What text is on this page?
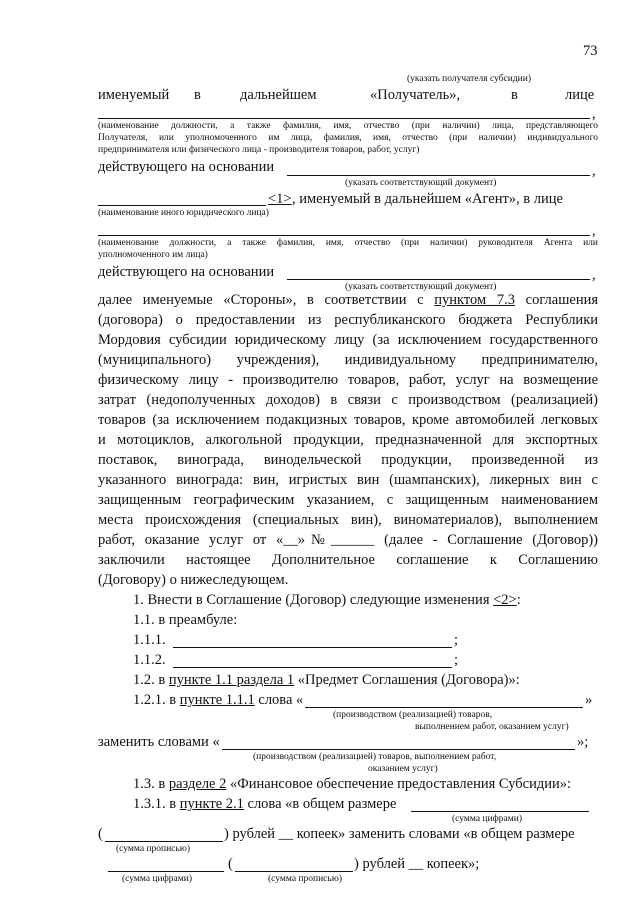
73
(указать получателя субсидии)
именуемый в	дальнейшем	«Получатель»,	в	лице
,
(наименование должности, а также фамилия, имя, отчество (при наличии) лица, представляющего
Получателя, или уполномоченного им лица, фамилия, имя, отчество (при наличии) индивидуального
предпринимателя или физического лица - производителя товаров, работ, услуг)
действующего на основании	,
(указать соответствующий документ)
<1> , именуемый в дальнейшем «Агент», в лице
(наименование иного юридического лица)
,
(наименование должности, а также фамилия, имя, отчество (при наличии) руководителя Агента или
уполномоченного им лица)
действующего на основании	,
(указать соответствующий документ)
далее именуемые «Стороны», в соответствии с пунктом 7.3 соглашения
(договора) о предоставлении из республиканского бюджета Республики
Мордовия субсидии юридическому лицу (за исключением государственного
(муниципального) учреждения), индивидуальному предпринимателю,
физическому лицу - производителю товаров, работ, услуг на возмещение
затрат (недополученных доходов) в связи с производством (реализацией)
товаров (за исключением подакцизных товаров, кроме автомобилей легковых
и мотоциклов, алкогольной продукции, предназначенной для экспортных
поставок, винограда, винодельческой продукции, произведенной из
указанного винограда: вин, игристых вин (шампанских), ликерных вин с
защищенным географическим указанием, с защищенным наименованием
места происхождения (специальных вин), виноматериалов), выполнением
работ, оказание услуг от «__»№______ (далее - Соглашение (Договор))
заключили настоящее Дополнительное соглашение к Соглашению
(Договору) о нижеследующем.
1. Внести в Соглашение (Договор) следующие изменения <2>:
1.1. в преамбуле:
1.1.1.	;
1.1.2.	;
1.2. в пункте 1.1 раздела 1 «Предмет Соглашения (Договора)»:
1.2.1. в пункте 1.1.1 слова «	»
(производством (реализацией) товаров,
выполнением работ, оказанием услуг)
заменить словами «	»;
(производством (реализацией) товаров, выполнением работ,
оказанием услуг)
1.3. в разделе 2 «Финансовое обеспечение предоставления Субсидии»:
1.3.1. в пункте 2.1 слова «в общем размере
(сумма цифрами)
(	) рублей __ копеек» заменить словами «в общем размере
(сумма прописью)
(	) рублей __ копеек»;
(сумма цифрами)	(сумма прописью)
